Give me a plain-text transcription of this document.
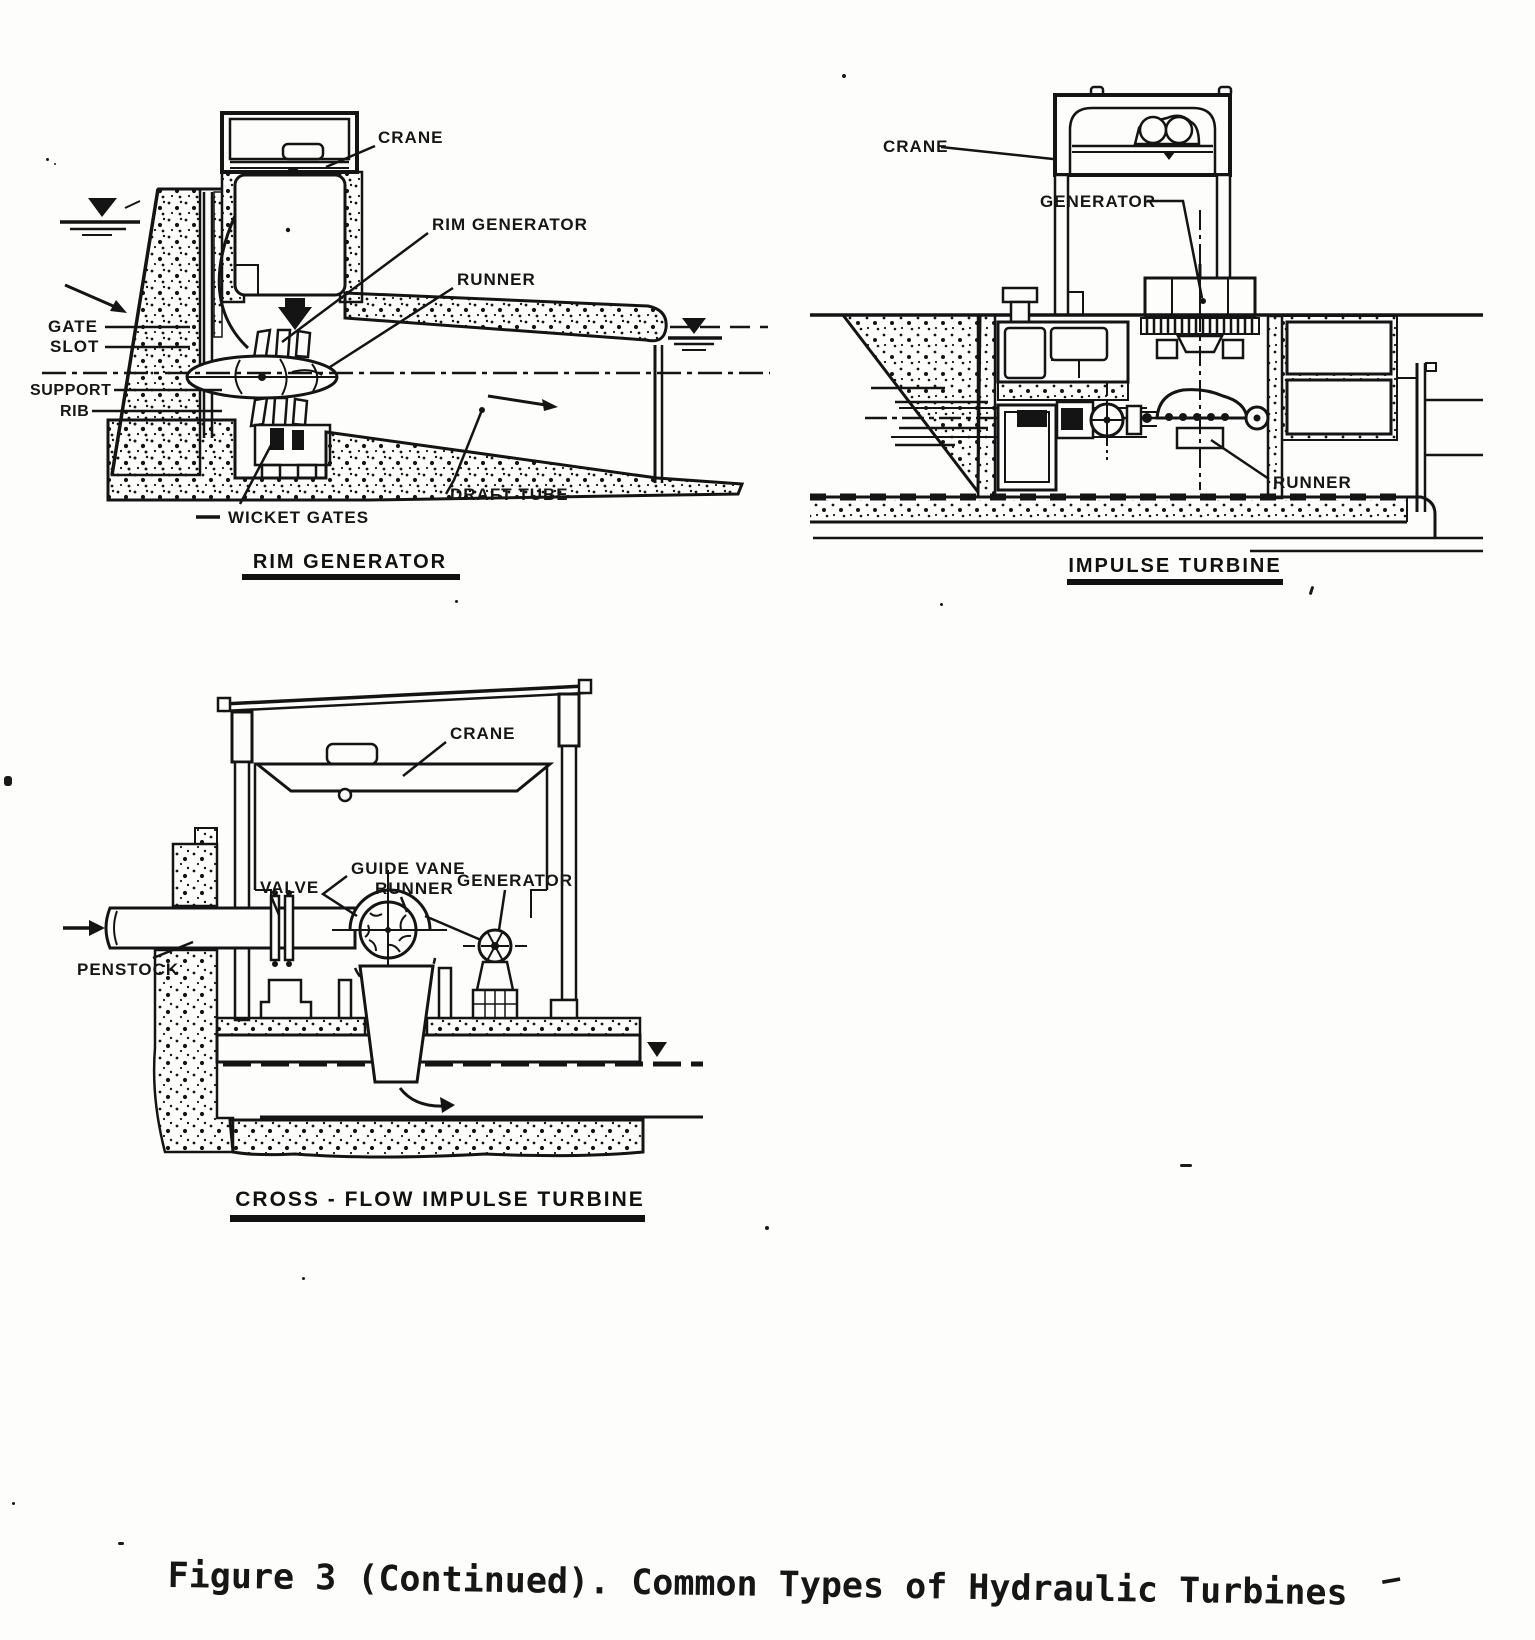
CRANE
RIM GENERATOR
RUNNER
GATE
SLOT
SUPPORT
RIB
WICKET GATES
DRAFT TUBE
RIM GENERATOR
CRANE
GENERATOR
RUNNER
IMPULSE TURBINE
CRANE
GUIDE VANE
VALVE	RUNNER GENERATOR
PENSTOCK
CROSS - FLOW IMPULSE TURBINE
Figure 3 (Continued). Common Types of Hydraulic Turbines	—
